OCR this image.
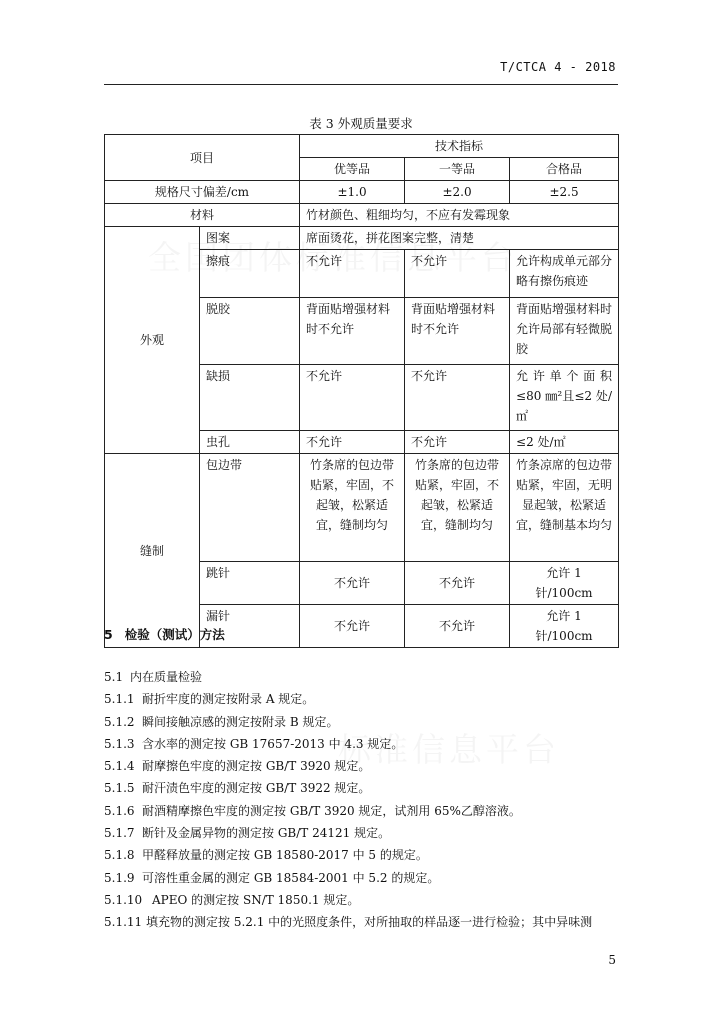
T/CTCA 4 - 2018
表 3 外观质量要求
项目		技术指标		
		优等品	一等品	合格品
规格尺寸偏差/cm		±1.0	±2.0	±2.5
材料		竹材颜色、粗细均匀，不应有发霉现象		
外观	图案	席面烫花，拼花图案完整，清楚		
	擦痕	不允许	不允许	允许构成单元部分略有擦伤痕迹
	脱胶	背面贴增强材料时不允许	背面贴增强材料时不允许	背面贴增强材料时允许局部有轻微脱胶
	缺损	不允许	不允许	允许单个面积≤80 ㎜²且≤2 处/㎡
	虫孔	不允许	不允许	≤2 处/㎡
缝制	包边带	竹条席的包边带贴紧，牢固，不起皱，松紧适宜，缝制均匀	竹条席的包边带贴紧，牢固，不起皱，松紧适宜，缝制均匀	竹条凉席的包边带贴紧，牢固，无明显起皱，松紧适宜，缝制基本均匀
	跳针	不允许	不允许	允许 1 针/100cm
	漏针	不允许	不允许	允许 1 针/100cm
5 检验（测试）方法
5.1 内在质量检验
5.1.1 耐折牢度的测定按附录 A 规定。
5.1.2 瞬间接触凉感的测定按附录 B 规定。
5.1.3 含水率的测定按 GB 17657-2013 中 4.3 规定。
5.1.4 耐摩擦色牢度的测定按 GB/T 3920 规定。
5.1.5 耐汗渍色牢度的测定按 GB/T 3922 规定。
5.1.6 耐酒精摩擦色牢度的测定按 GB/T 3920 规定，试剂用 65%乙醇溶液。
5.1.7 断针及金属异物的测定按 GB/T 24121 规定。
5.1.8 甲醛释放量的测定按 GB 18580-2017 中 5 的规定。
5.1.9 可溶性重金属的测定 GB 18584-2001 中 5.2 的规定。
5.1.10 APEO 的测定按 SN/T 1850.1 规定。
5.1.11 填充物的测定按 5.2.1 中的光照度条件，对所抽取的样品逐一进行检验；其中异味测
5
